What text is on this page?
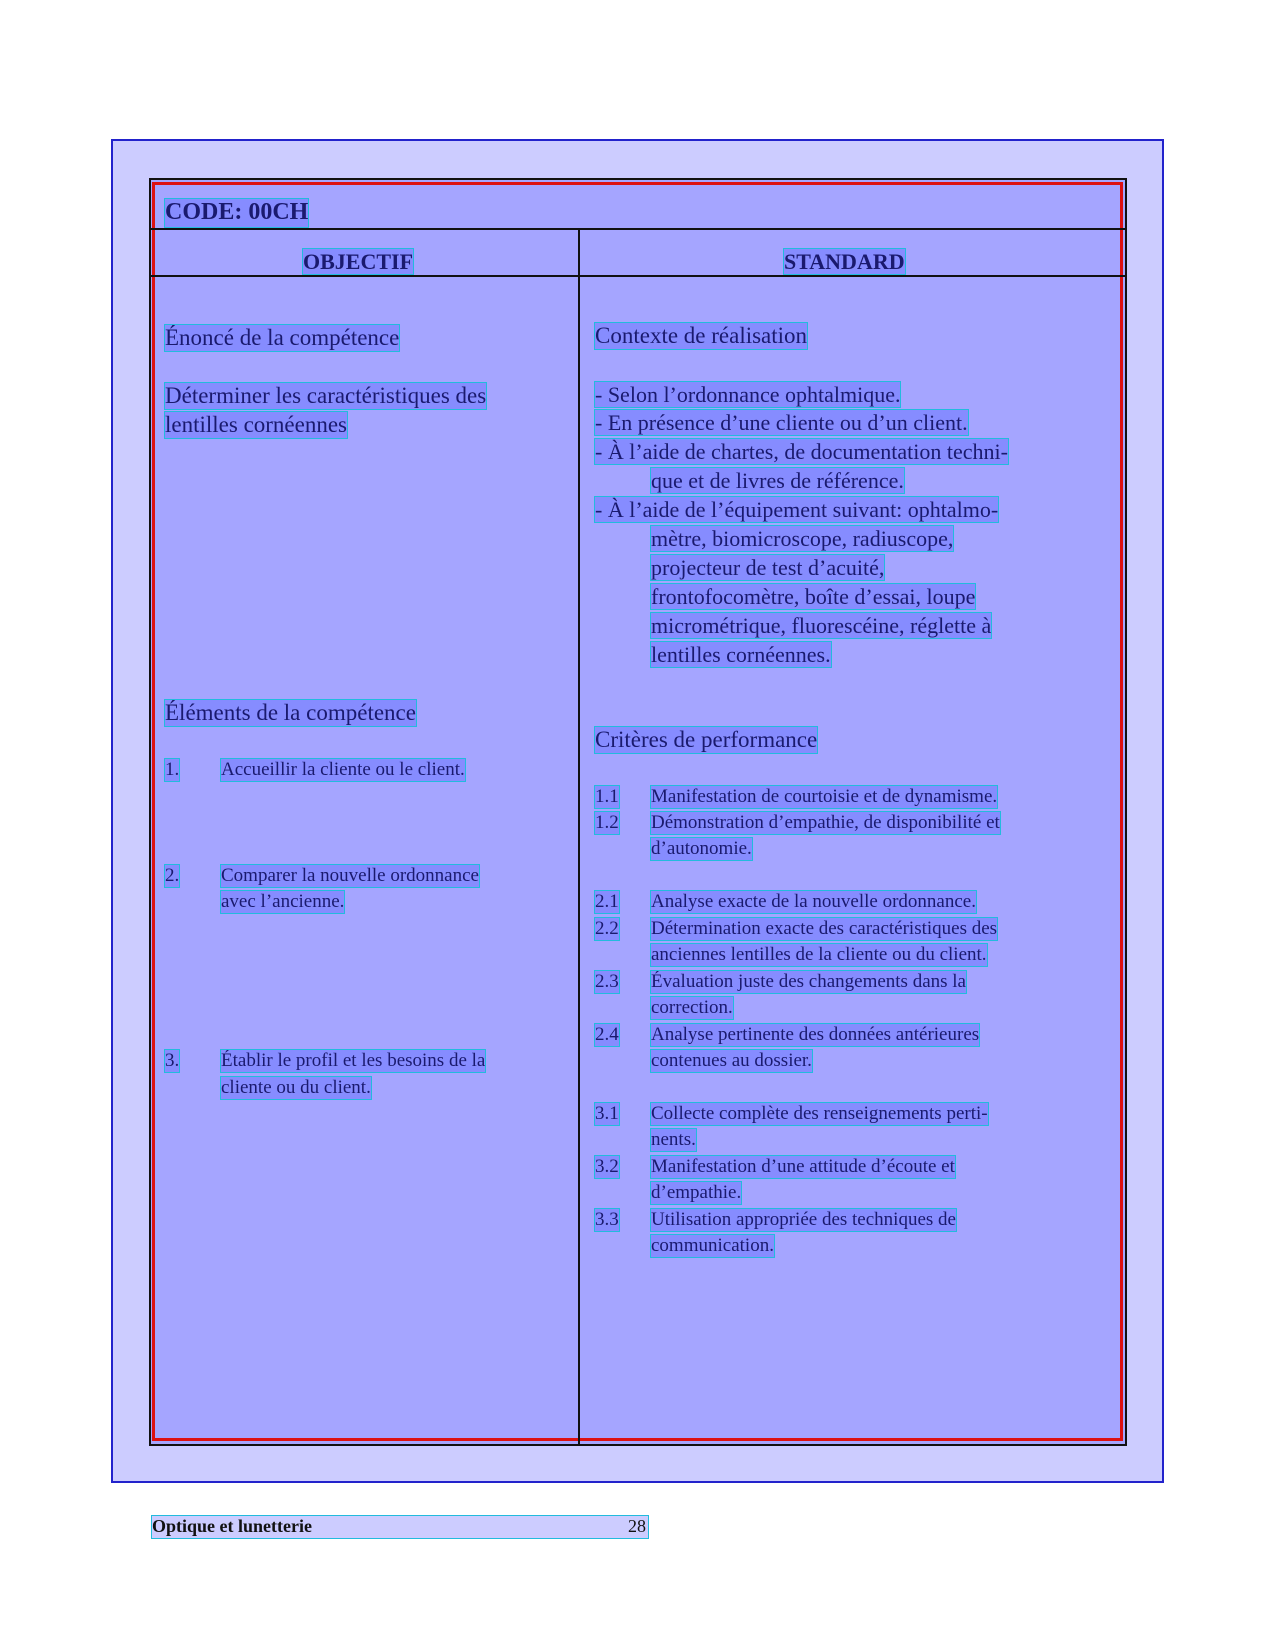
CODE: 00CH
OBJECTIF	STANDARD
Énoncé de la compétence
Déterminer les caractéristiques des
lentilles cornéennes
Éléments de la compétence
1. Accueillir la cliente ou le client.
2. Comparer la nouvelle ordonnance
avec l’ancienne.
3. Établir le profil et les besoins de la
cliente ou du client.
Contexte de réalisation
- Selon l’ordonnance ophtalmique.
- En présence d’une cliente ou d’un client.
- À l’aide de chartes, de documentation techni-
que et de livres de référence.
- À l’aide de l’équipement suivant: ophtalmo-
mètre, biomicroscope, radiuscope,
projecteur de test d’acuité,
frontofocomètre, boîte d’essai, loupe
micrométrique, fluorescéine, réglette à
lentilles cornéennes.
Critères de performance
1.1 Manifestation de courtoisie et de dynamisme.
1.2 Démonstration d’empathie, de disponibilité et
d’autonomie.
2.1 Analyse exacte de la nouvelle ordonnance.
2.2 Détermination exacte des caractéristiques des
anciennes lentilles de la cliente ou du client.
2.3 Évaluation juste des changements dans la
correction.
2.4 Analyse pertinente des données antérieures
contenues au dossier.
3.1 Collecte complète des renseignements perti-
nents.
3.2 Manifestation d’une attitude d’écoute et
d’empathie.
3.3 Utilisation appropriée des techniques de
communication.
Optique et lunetterie	28
